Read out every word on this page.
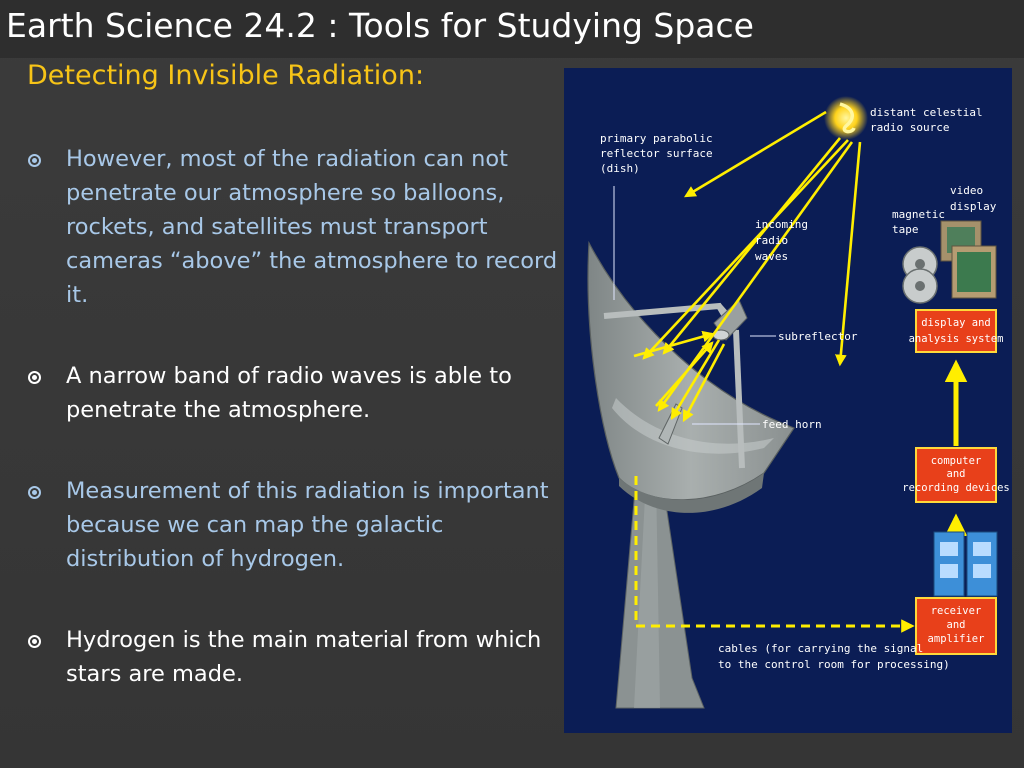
Earth Science 24.2 : Tools for Studying Space
Detecting Invisible Radiation:
However, most of the radiation can not penetrate our atmosphere so balloons, rockets, and satellites must transport cameras “above” the atmosphere to record it.
A narrow band of radio waves is able to penetrate the atmosphere.
Measurement of this radiation is important because we can map the galactic distribution of hydrogen.
Hydrogen is the main material from which stars are made.
display and
analysis system
computer
and
recording devices
receiver
and
amplifier
distant celestial
radio source
primary parabolic
reflector surface
(dish)
incoming
radio
waves
magnetic
tape
video
display
subreflector
feed horn
cables (for carrying the signal
to the control room for processing)
